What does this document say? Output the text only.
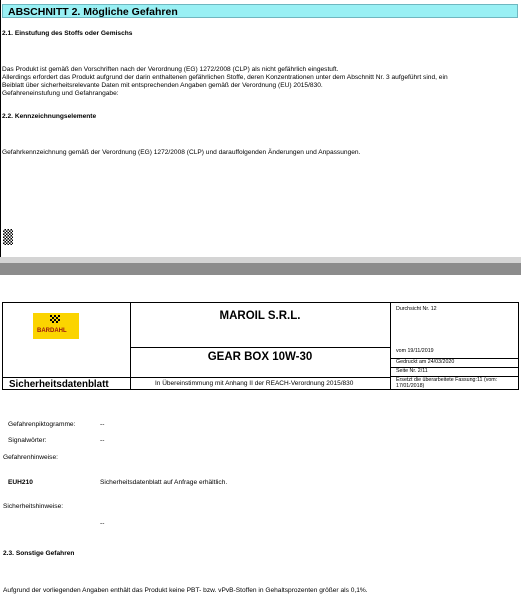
ABSCHNITT 2. Mögliche Gefahren
2.1. Einstufung des Stoffs oder Gemischs
Das Produkt ist gemäß den Vorschriften nach der Verordnung (EG) 1272/2008 (CLP) als nicht gefährlich eingestuft.
Allerdings erfordert das Produkt aufgrund der darin enthaltenen gefährlichen Stoffe, deren Konzentrationen unter dem Abschnitt Nr. 3 aufgeführt sind, ein
Beiblatt über sicherheitsrelevante Daten mit entsprechenden Angaben gemäß der Verordnung (EU) 2015/830.
Gefahreneinstufung und Gefahrangabe:
2.2. Kennzeichnungselemente
Gefahrkennzeichnung gemäß der Verordnung (EG) 1272/2008 (CLP) und darauffolgenden Änderungen und Anpassungen.
BARDAHL
MAROIL S.R.L.
GEAR BOX 10W-30
Durchsicht Nr. 12
vom 19/11/2019
Gedruckt am 24/03/2020
Seite Nr. 2/11
Ersetzt die überarbeitete Fassung:11 (vom: 17/01/2018)
Sicherheitsdatenblatt	In Übereinstimmung mit Anhang II der REACH-Verordnung 2015/830
Gefahrenpiktogramme:	--
Signalwörter:	--
Gefahrenhinweise:
EUH210	Sicherheitsdatenblatt auf Anfrage erhältlich.
Sicherheitshinweise:
--
2.3. Sonstige Gefahren
Aufgrund der vorliegenden Angaben enthält das Produkt keine PBT- bzw. vPvB-Stoffen in Gehaltsprozenten größer als 0,1%.
